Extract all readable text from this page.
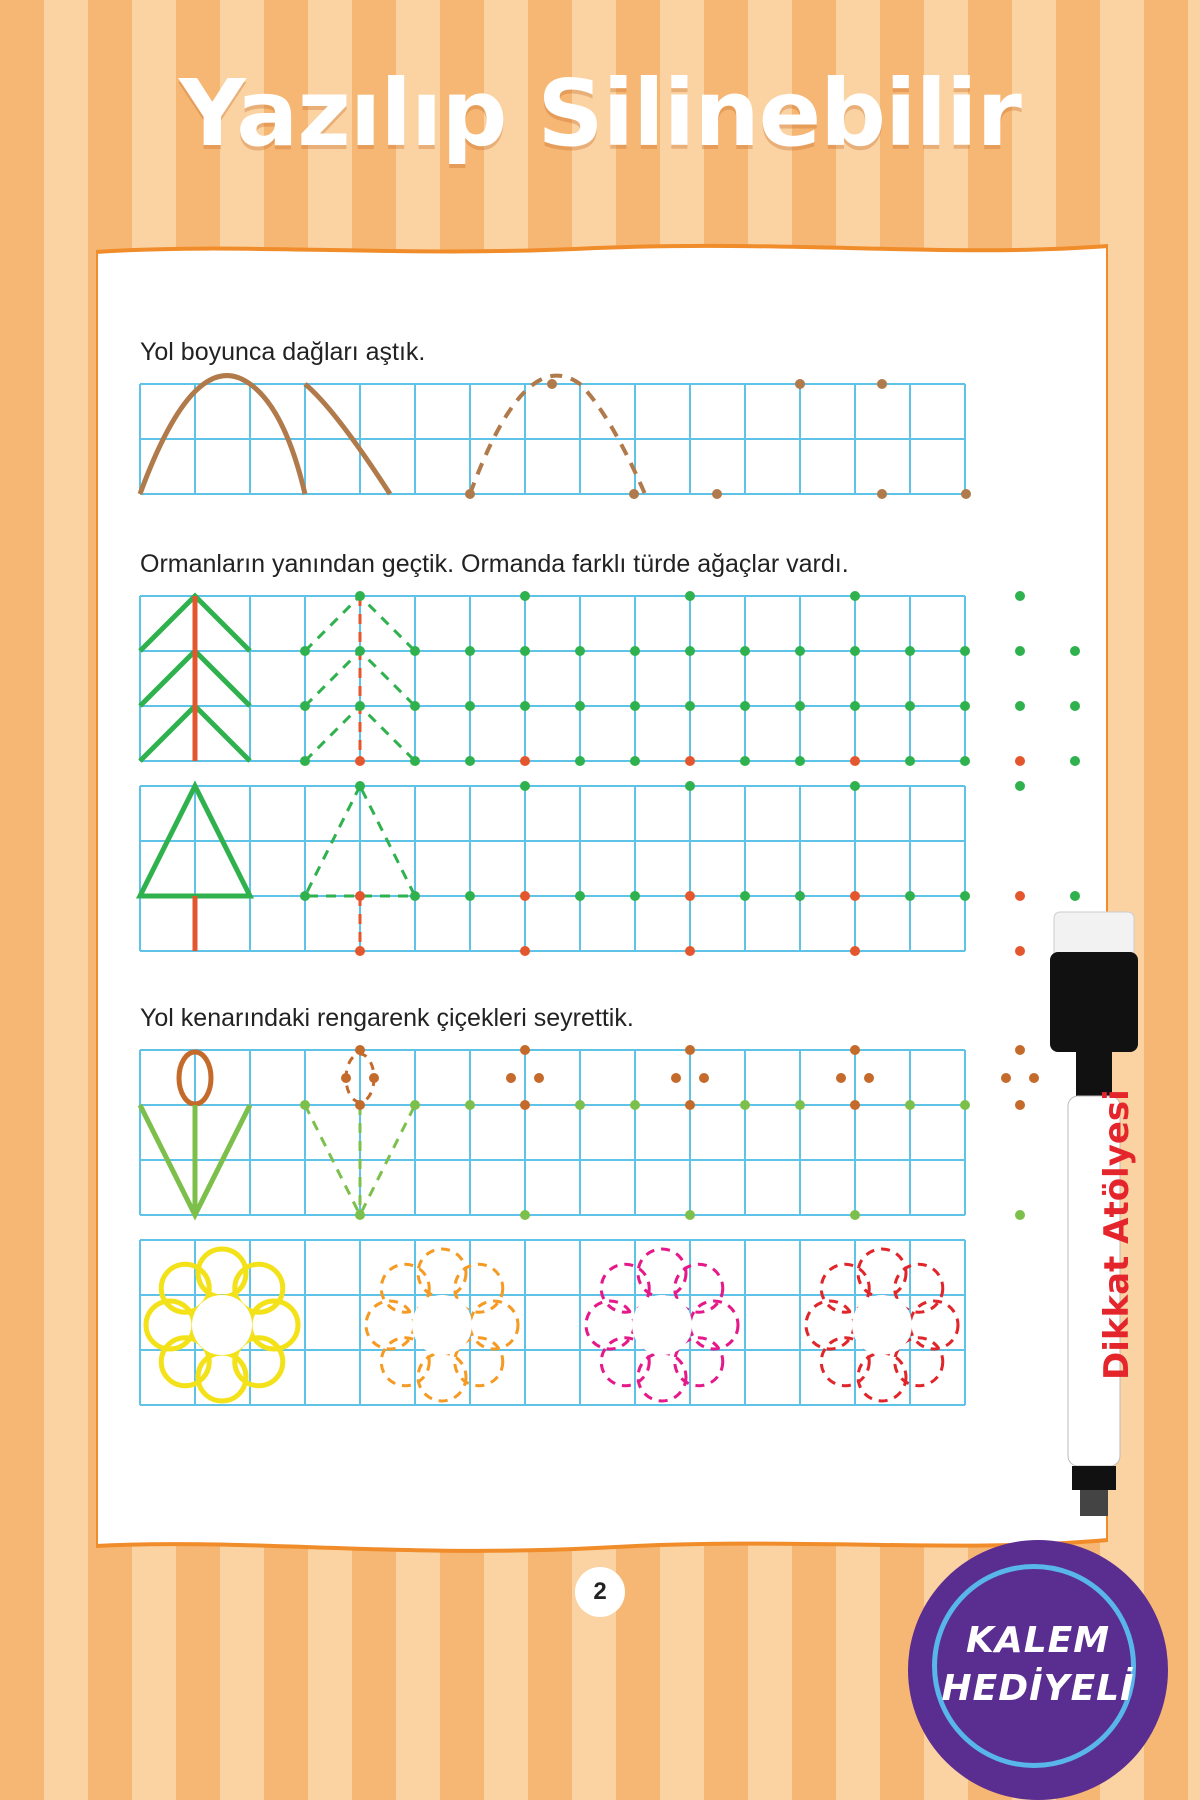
Yazılıp Silinebilir
Yol boyunca dağları aştık.
Ormanların yanından geçtik. Ormanda farklı türde ağaçlar vardı.
Yol kenarındaki rengarenk çiçekleri seyrettik.
2
KALEM
HEDİYELİ
Dikkat Atölyesi
